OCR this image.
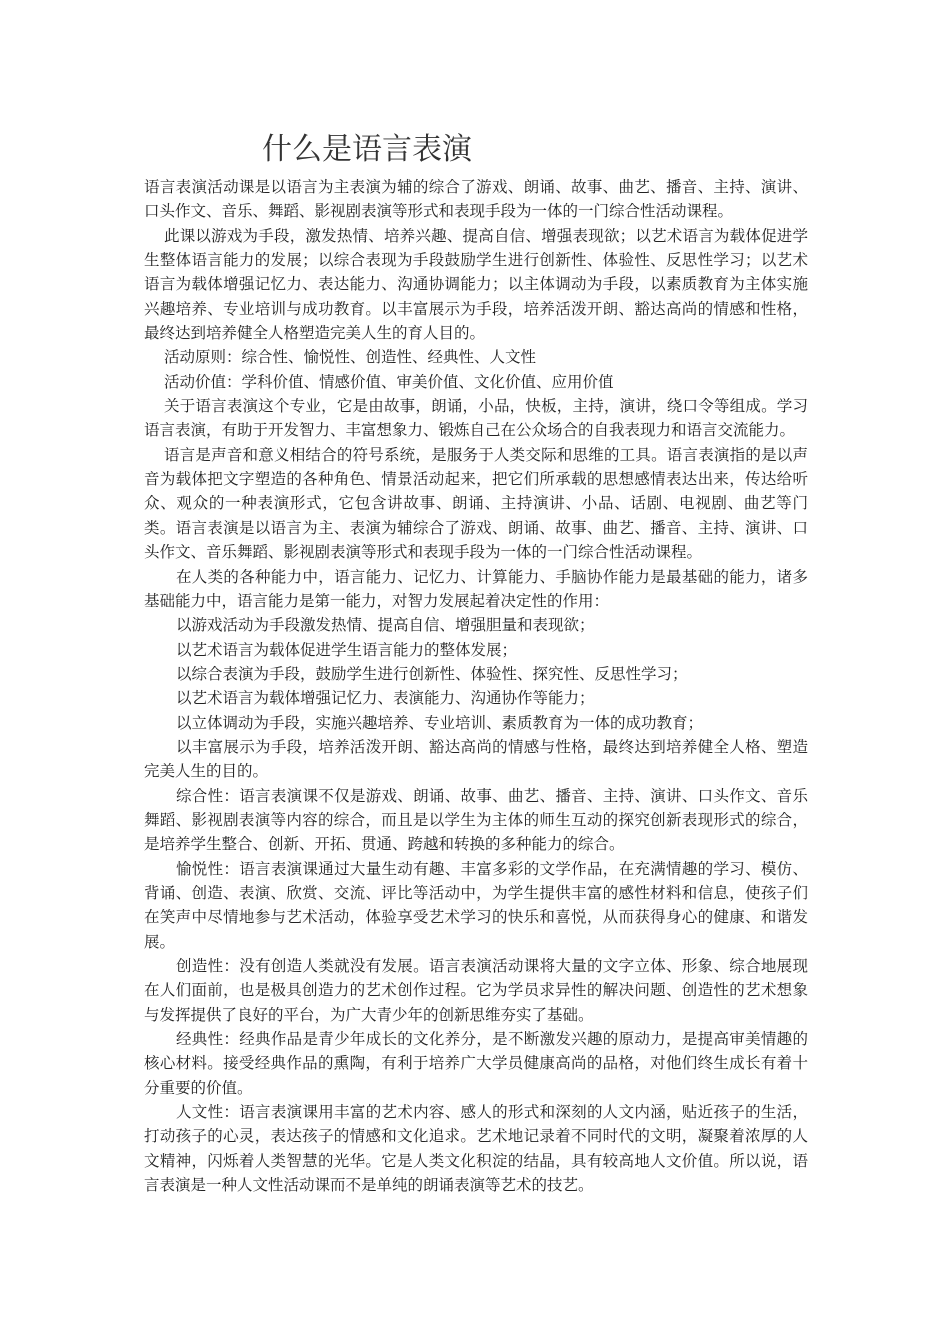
什么是语言表演

语言表演活动课是以语言为主表演为辅的综合了游戏、朗诵、故事、曲艺、播音、主持、演讲、口头作文、音乐、舞蹈、影视剧表演等形式和表现手段为一体的一门综合性活动课程。

此课以游戏为手段，激发热情、培养兴趣、提高自信、增强表现欲；以艺术语言为载体促进学生整体语言能力的发展；以综合表现为手段鼓励学生进行创新性、体验性、反思性学习；以艺术语言为载体增强记忆力、表达能力、沟通协调能力；以主体调动为手段，以素质教育为主体实施兴趣培养、专业培训与成功教育。以丰富展示为手段，培养活泼开朗、豁达高尚的情感和性格，最终达到培养健全人格塑造完美人生的育人目的。

活动原则：综合性、愉悦性、创造性、经典性、人文性

活动价值：学科价值、情感价值、审美价值、文化价值、应用价值

关于语言表演这个专业，它是由故事，朗诵，小品，快板，主持，演讲，绕口令等组成。学习语言表演，有助于开发智力、丰富想象力、锻炼自己在公众场合的自我表现力和语言交流能力。

语言是声音和意义相结合的符号系统，是服务于人类交际和思维的工具。语言表演指的是以声音为载体把文字塑造的各种角色、情景活动起来，把它们所承载的思想感情表达出来，传达给听众、观众的一种表演形式，它包含讲故事、朗诵、主持演讲、小品、话剧、电视剧、曲艺等门类。语言表演是以语言为主、表演为辅综合了游戏、朗诵、故事、曲艺、播音、主持、演讲、口头作文、音乐舞蹈、影视剧表演等形式和表现手段为一体的一门综合性活动课程。

在人类的各种能力中，语言能力、记忆力、计算能力、手脑协作能力是最基础的能力，诸多基础能力中，语言能力是第一能力，对智力发展起着决定性的作用：

以游戏活动为手段激发热情、提高自信、增强胆量和表现欲；

以艺术语言为载体促进学生语言能力的整体发展；

以综合表演为手段，鼓励学生进行创新性、体验性、探究性、反思性学习；

以艺术语言为载体增强记忆力、表演能力、沟通协作等能力；

以立体调动为手段，实施兴趣培养、专业培训、素质教育为一体的成功教育；

以丰富展示为手段，培养活泼开朗、豁达高尚的情感与性格，最终达到培养健全人格、塑造完美人生的目的。

综合性：语言表演课不仅是游戏、朗诵、故事、曲艺、播音、主持、演讲、口头作文、音乐舞蹈、影视剧表演等内容的综合，而且是以学生为主体的师生互动的探究创新表现形式的综合，是培养学生整合、创新、开拓、贯通、跨越和转换的多种能力的综合。

愉悦性：语言表演课通过大量生动有趣、丰富多彩的文学作品，在充满情趣的学习、模仿、背诵、创造、表演、欣赏、交流、评比等活动中，为学生提供丰富的感性材料和信息，使孩子们在笑声中尽情地参与艺术活动，体验享受艺术学习的快乐和喜悦，从而获得身心的健康、和谐发展。

创造性：没有创造人类就没有发展。语言表演活动课将大量的文字立体、形象、综合地展现在人们面前，也是极具创造力的艺术创作过程。它为学员求异性的解决问题、创造性的艺术想象与发挥提供了良好的平台，为广大青少年的创新思维夯实了基础。

经典性：经典作品是青少年成长的文化养分，是不断激发兴趣的原动力，是提高审美情趣的核心材料。接受经典作品的熏陶，有利于培养广大学员健康高尚的品格，对他们终生成长有着十分重要的价值。

人文性：语言表演课用丰富的艺术内容、感人的形式和深刻的人文内涵，贴近孩子的生活，打动孩子的心灵，表达孩子的情感和文化追求。艺术地记录着不同时代的文明，凝聚着浓厚的人文精神，闪烁着人类智慧的光华。它是人类文化积淀的结晶，具有较高地人文价值。所以说，语言表演是一种人文性活动课而不是单纯的朗诵表演等艺术的技艺。
